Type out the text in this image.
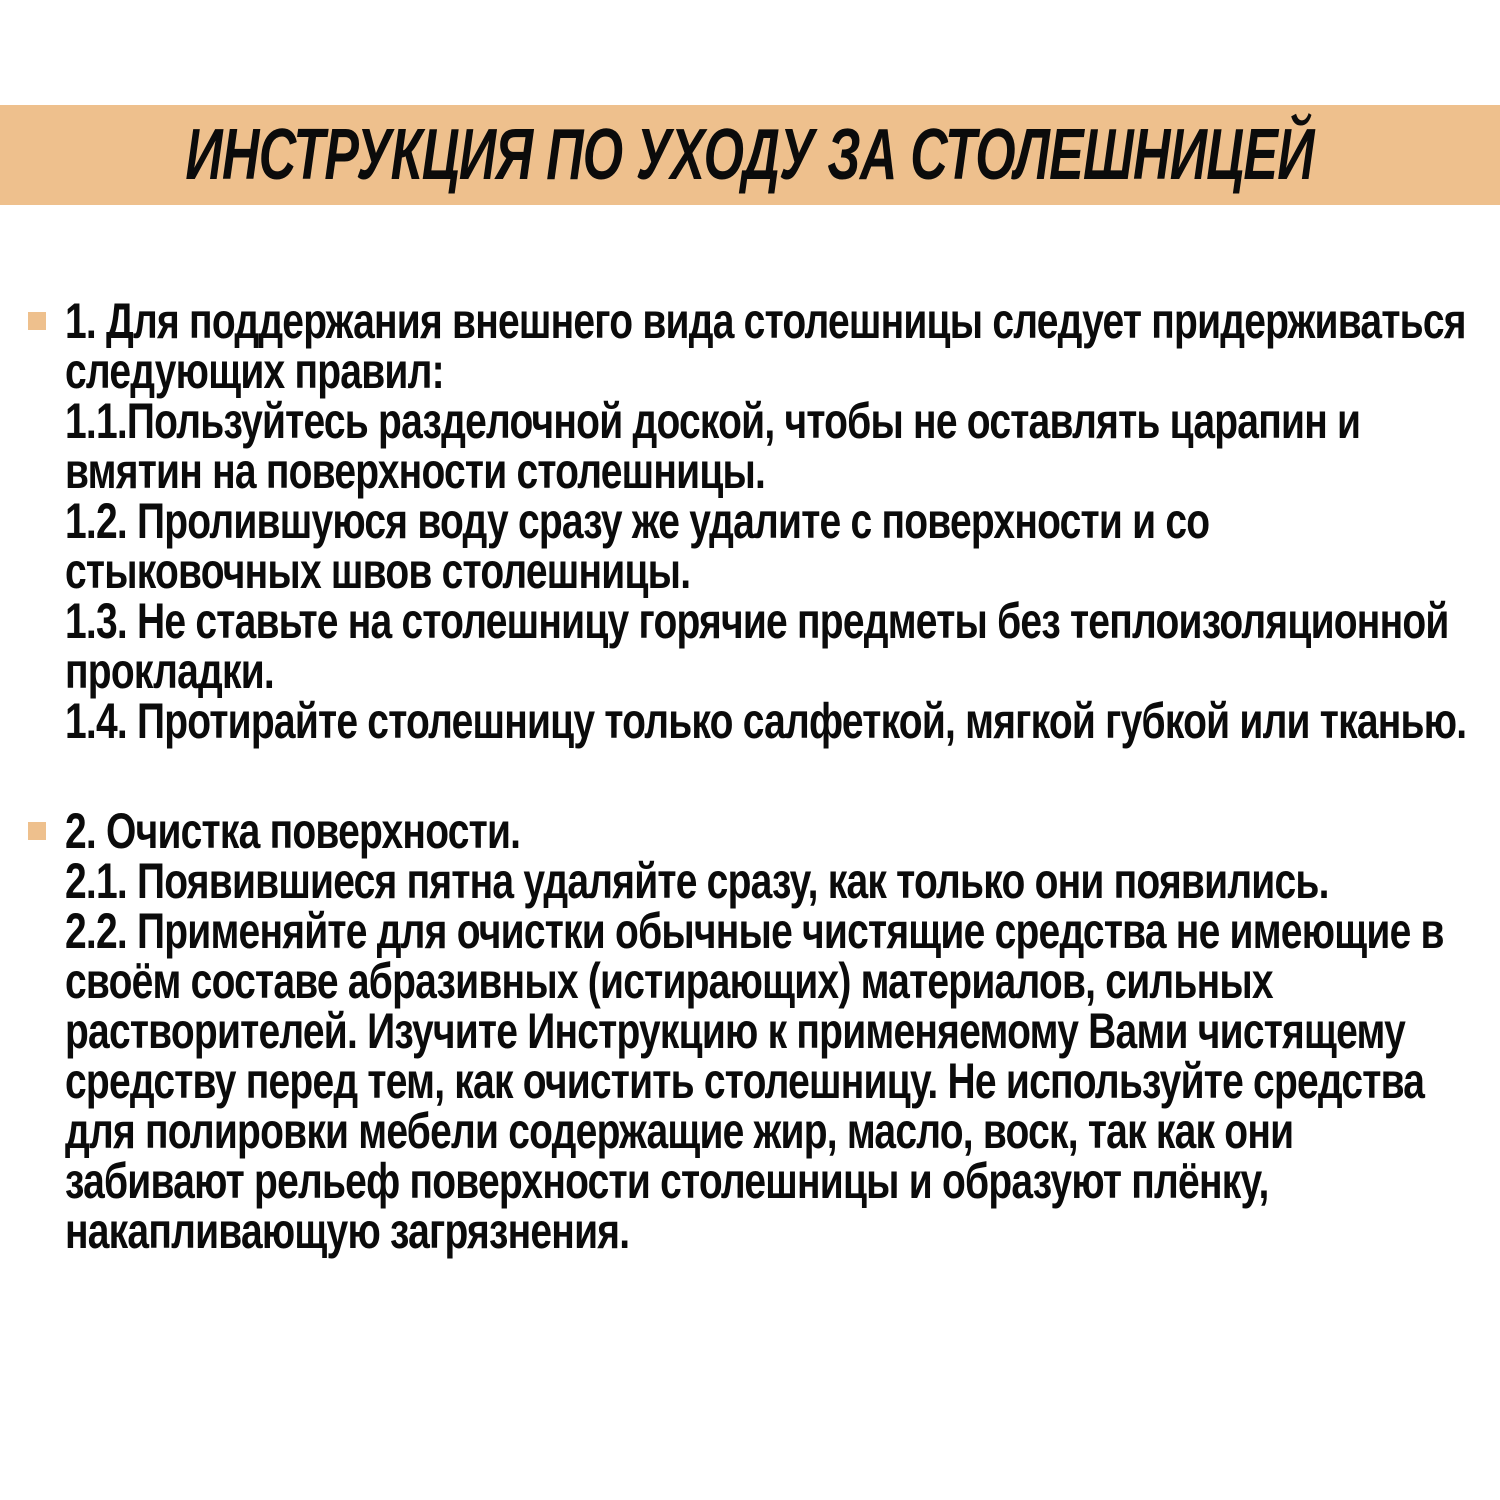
ИНСТРУКЦИЯ ПО УХОДУ ЗА СТОЛЕШНИЦЕЙ

1. Для поддержания внешнего вида столешницы следует придерживаться следующих правил:

1.1.Пользуйтесь разделочной доской, чтобы не оставлять царапин и вмятин на поверхности столешницы.

1.2. Пролившуюся воду сразу же удалите с поверхности и со стыковочных швов столешницы.

1.3. Не ставьте на столешницу горячие предметы без теплоизоляционной прокладки.

1.4. Протирайте столешницу только салфеткой, мягкой губкой или тканью.

2. Очистка поверхности.

2.1. Появившиеся пятна удаляйте сразу, как только они появились.

2.2. Применяйте для очистки обычные чистящие средства не имеющие в своём составе абразивных (истирающих) материалов, сильных растворителей. Изучите Инструкцию к применяемому Вами чистящему средству перед тем, как очистить столешницу. Не используйте средства для полировки мебели содержащие жир, масло, воск, так как они забивают рельеф поверхности столешницы и образуют плёнку, накапливающую загрязнения.
